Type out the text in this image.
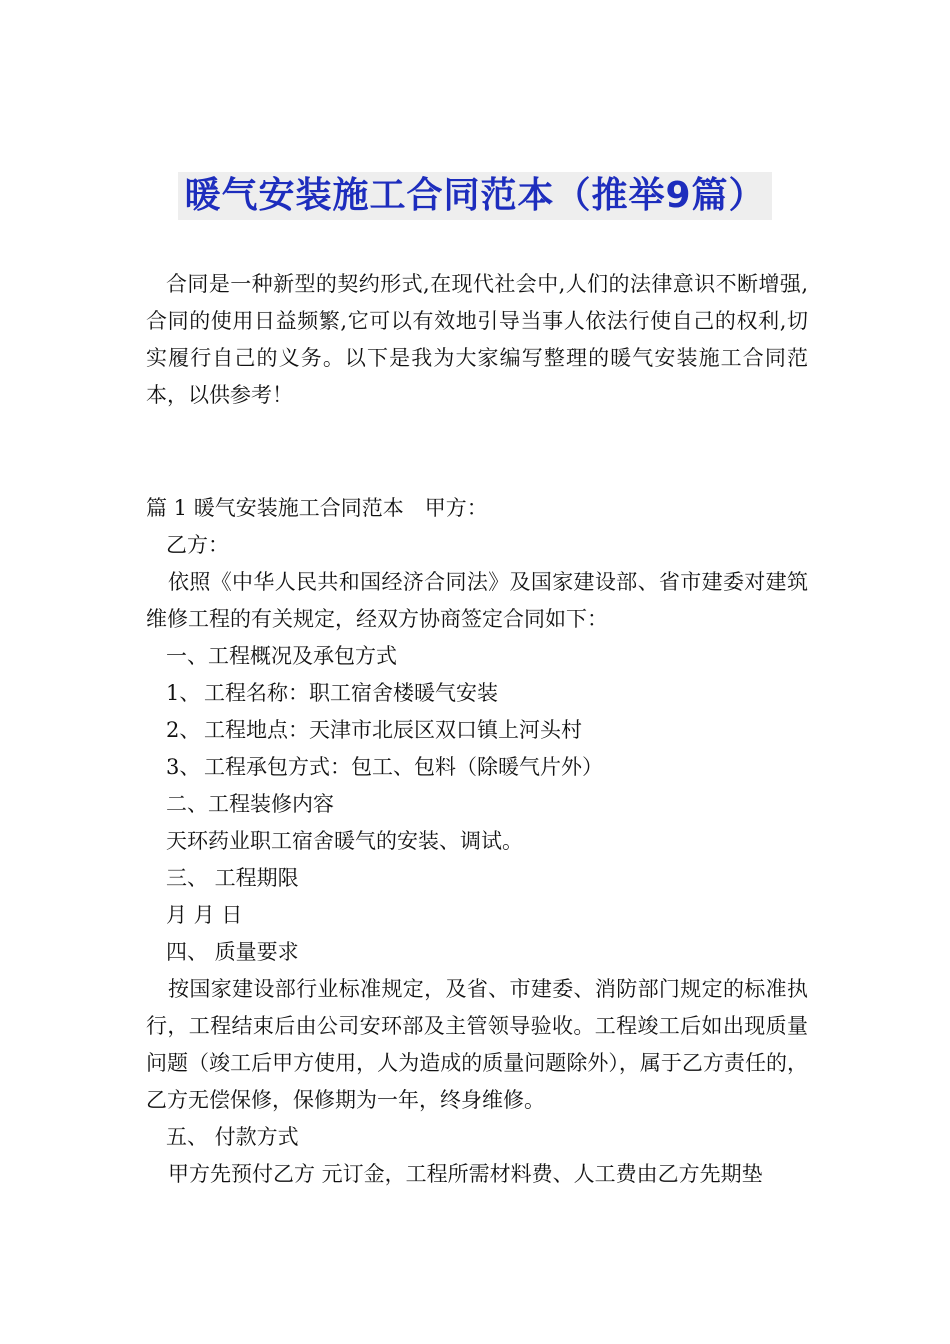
暖气安装施工合同范本（推举9篇）

合同是一种新型的契约形式,在现代社会中,人们的法律意识不断增强,合同的使用日益频繁,它可以有效地引导当事人依法行使自己的权利,切实履行自己的义务。以下是我为大家编写整理的暖气安装施工合同范本，以供参考！

篇 1 暖气安装施工合同范本　甲方：

乙方：

依照《中华人民共和国经济合同法》及国家建设部、省市建委对建筑维修工程的有关规定，经双方协商签定合同如下：

一、工程概况及承包方式

1、 工程名称：职工宿舍楼暖气安装

2、 工程地点：天津市北辰区双口镇上河头村

3、 工程承包方式：包工、包料（除暖气片外）

二、工程装修内容

天环药业职工宿舍暖气的安装、调试。

三、 工程期限

月 月 日

四、 质量要求

按国家建设部行业标准规定，及省、市建委、消防部门规定的标准执行，工程结束后由公司安环部及主管领导验收。工程竣工后如出现质量问题（竣工后甲方使用，人为造成的质量问题除外），属于乙方责任的，乙方无偿保修，保修期为一年，终身维修。

五、 付款方式

甲方先预付乙方 元订金，工程所需材料费、人工费由乙方先期垫
